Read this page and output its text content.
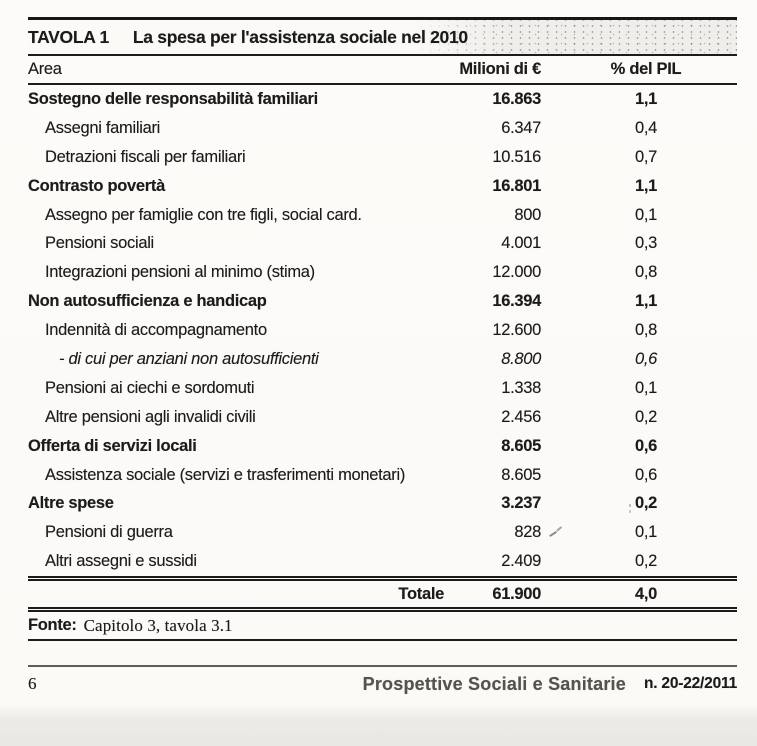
TAVOLA 1 La spesa per l'assistenza sociale nel 2010
Area	Milioni di €	% del PIL
Sostegno delle responsabilità familiari	16.863	1,1
Assegni familiari	6.347	0,4
Detrazioni fiscali per familiari	10.516	0,7
Contrasto povertà	16.801	1,1
Assegno per famiglie con tre figli, social card.	800	0,1
Pensioni sociali	4.001	0,3
Integrazioni pensioni al minimo (stima)	12.000	0,8
Non autosufficienza e handicap	16.394	1,1
Indennità di accompagnamento	12.600	0,8
- di cui per anziani non autosufficienti	8.800	0,6
Pensioni ai ciechi e sordomuti	1.338	0,1
Altre pensioni agli invalidi civili	2.456	0,2
Offerta di servizi locali	8.605	0,6
Assistenza sociale (servizi e trasferimenti monetari)	8.605	0,6
Altre spese	3.237	0,2
Pensioni di guerra	828	0,1
Altri assegni e sussidi	2.409	0,2
Totale	61.900	4,0
Fonte: Capitolo 3, tavola 3.1
6	Prospettive Sociali e Sanitarie n. 20-22/2011
